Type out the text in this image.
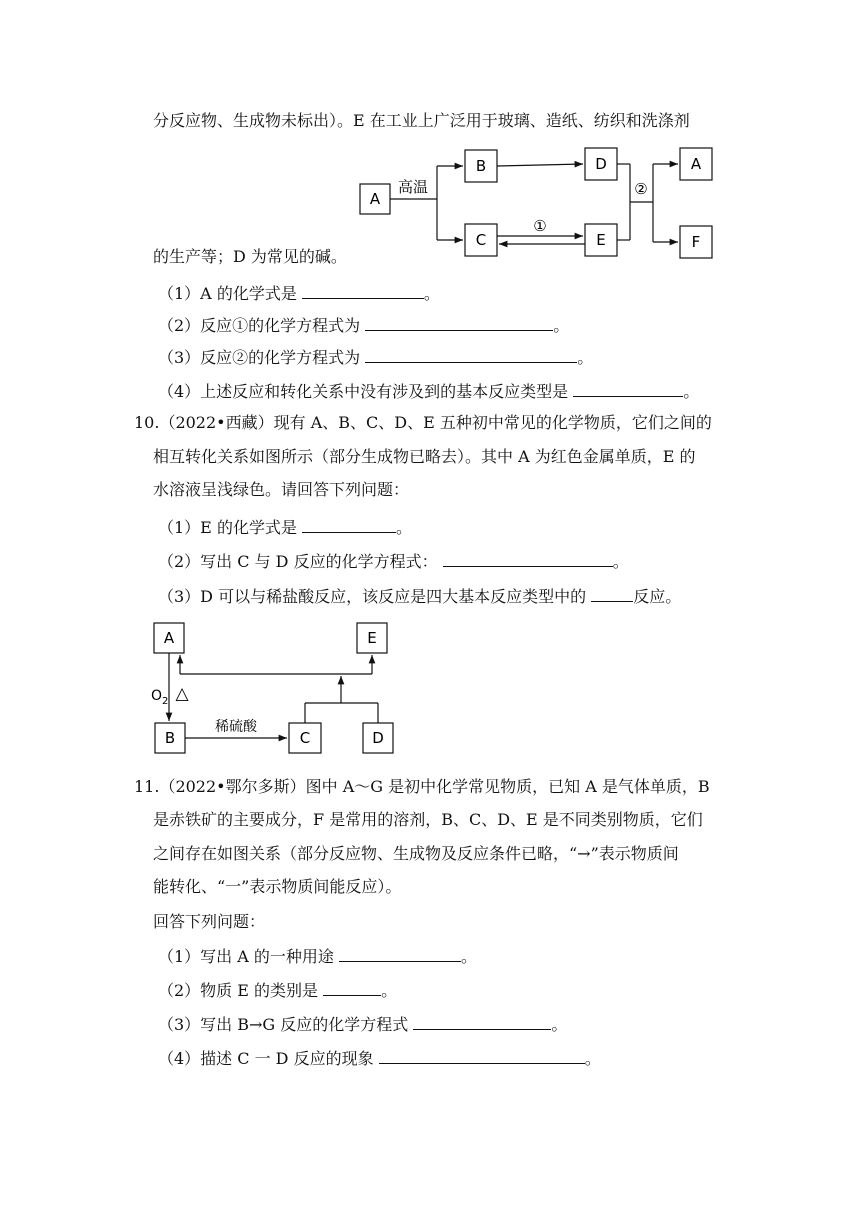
分反应物、生成物未标出）。E 在工业上广泛用于玻璃、造纸、纺织和洗涤剂
A
B	D
C	E
A
F
高温
①
②
的生产等；D 为常见的碱。
（1）A 的化学式是	。
（2）反应①的化学方程式为	。
（3）反应②的化学方程式为	。
（4）上述反应和转化关系中没有涉及到的基本反应类型是	。
10.（2022•西藏）现有 A、B、C、D、E 五种初中常见的化学物质，它们之间的
相互转化关系如图所示（部分生成物已略去）。其中 A 为红色金属单质，E 的
水溶液呈浅绿色。请回答下列问题：
（1）E 的化学式是	。
（2）写出 C 与 D 反应的化学方程式：	。
（3）D 可以与稀盐酸反应，该反应是四大基本反应类型中的	反应。
A	E
B	C	D
$O_2$ △
稀硫酸
11.（2022•鄂尔多斯）图中 A～G 是初中化学常见物质，已知 A 是气体单质，B
是赤铁矿的主要成分，F 是常用的溶剂，B、C、D、E 是不同类别物质，它们
之间存在如图关系（部分反应物、生成物及反应条件已略，“→”表示物质间
能转化、“一”表示物质间能反应）。
回答下列问题：
（1）写出 A 的一种用途	。
（2）物质 E 的类别是	。
（3）写出 B→G 反应的化学方程式	。
（4）描述 C 一 D 反应的现象	。
